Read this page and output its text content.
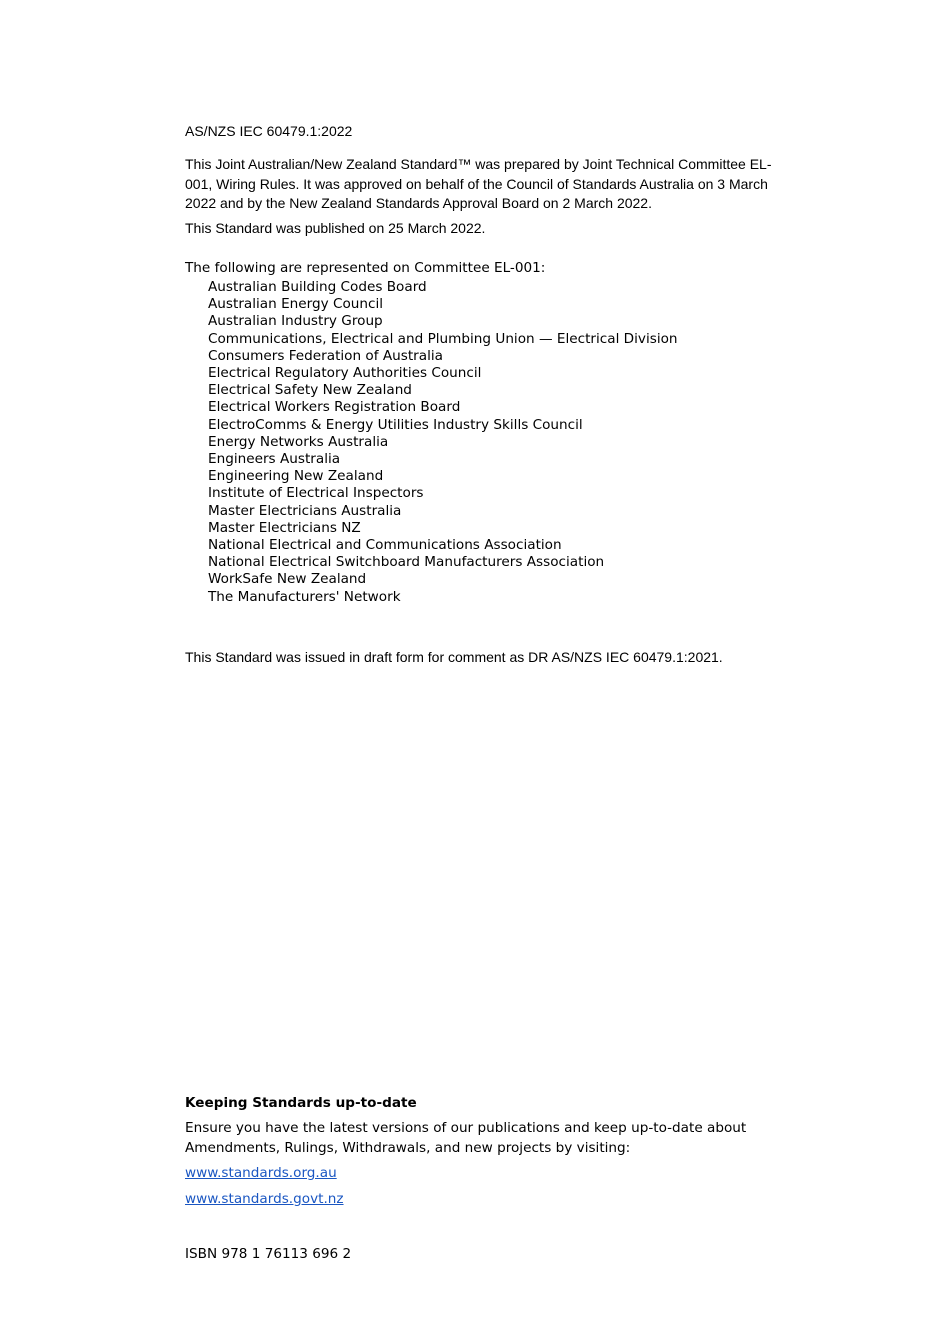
AS/NZS IEC 60479.1:2022

This Joint Australian/New Zealand Standard™ was prepared by Joint Technical Committee EL-001, Wiring Rules. It was approved on behalf of the Council of Standards Australia on 3 March 2022 and by the New Zealand Standards Approval Board on 2 March 2022.

This Standard was published on 25 March 2022.

The following are represented on Committee EL-001:

Australian Building Codes Board
Australian Energy Council
Australian Industry Group
Communications, Electrical and Plumbing Union — Electrical Division
Consumers Federation of Australia
Electrical Regulatory Authorities Council
Electrical Safety New Zealand
Electrical Workers Registration Board
ElectroComms & Energy Utilities Industry Skills Council
Energy Networks Australia
Engineers Australia
Engineering New Zealand
Institute of Electrical Inspectors
Master Electricians Australia
Master Electricians NZ
National Electrical and Communications Association
National Electrical Switchboard Manufacturers Association
WorkSafe New Zealand
The Manufacturers' Network

This Standard was issued in draft form for comment as DR AS/NZS IEC 60479.1:2021.

Keeping Standards up-to-date

Ensure you have the latest versions of our publications and keep up-to-date about Amendments, Rulings, Withdrawals, and new projects by visiting:

www.standards.org.au
www.standards.govt.nz

ISBN 978 1 76113 696 2
